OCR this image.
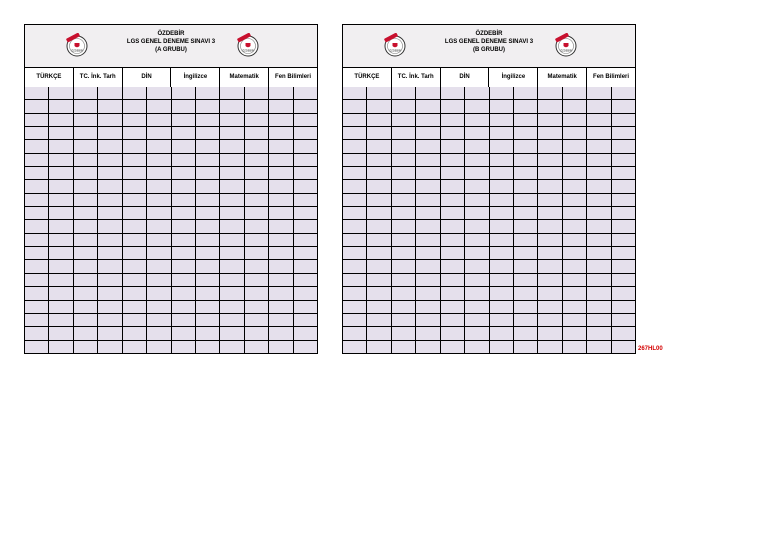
ÖZDEBİR
ÖZDEBİR
LGS GENEL DENEME SINAVI 3
(A GRUBU)	ÖZDEBİR
TÜRKÇE	TC. İnk. Tarh	DİN	İngilizce	Matematik	Fen Bilimleri
ÖZDEBİR
ÖZDEBİR
LGS GENEL DENEME SINAVI 3
(B GRUBU)	ÖZDEBİR
TÜRKÇE	TC. İnk. Tarh	DİN	İngilizce	Matematik	Fen Bilimleri
267HL00
